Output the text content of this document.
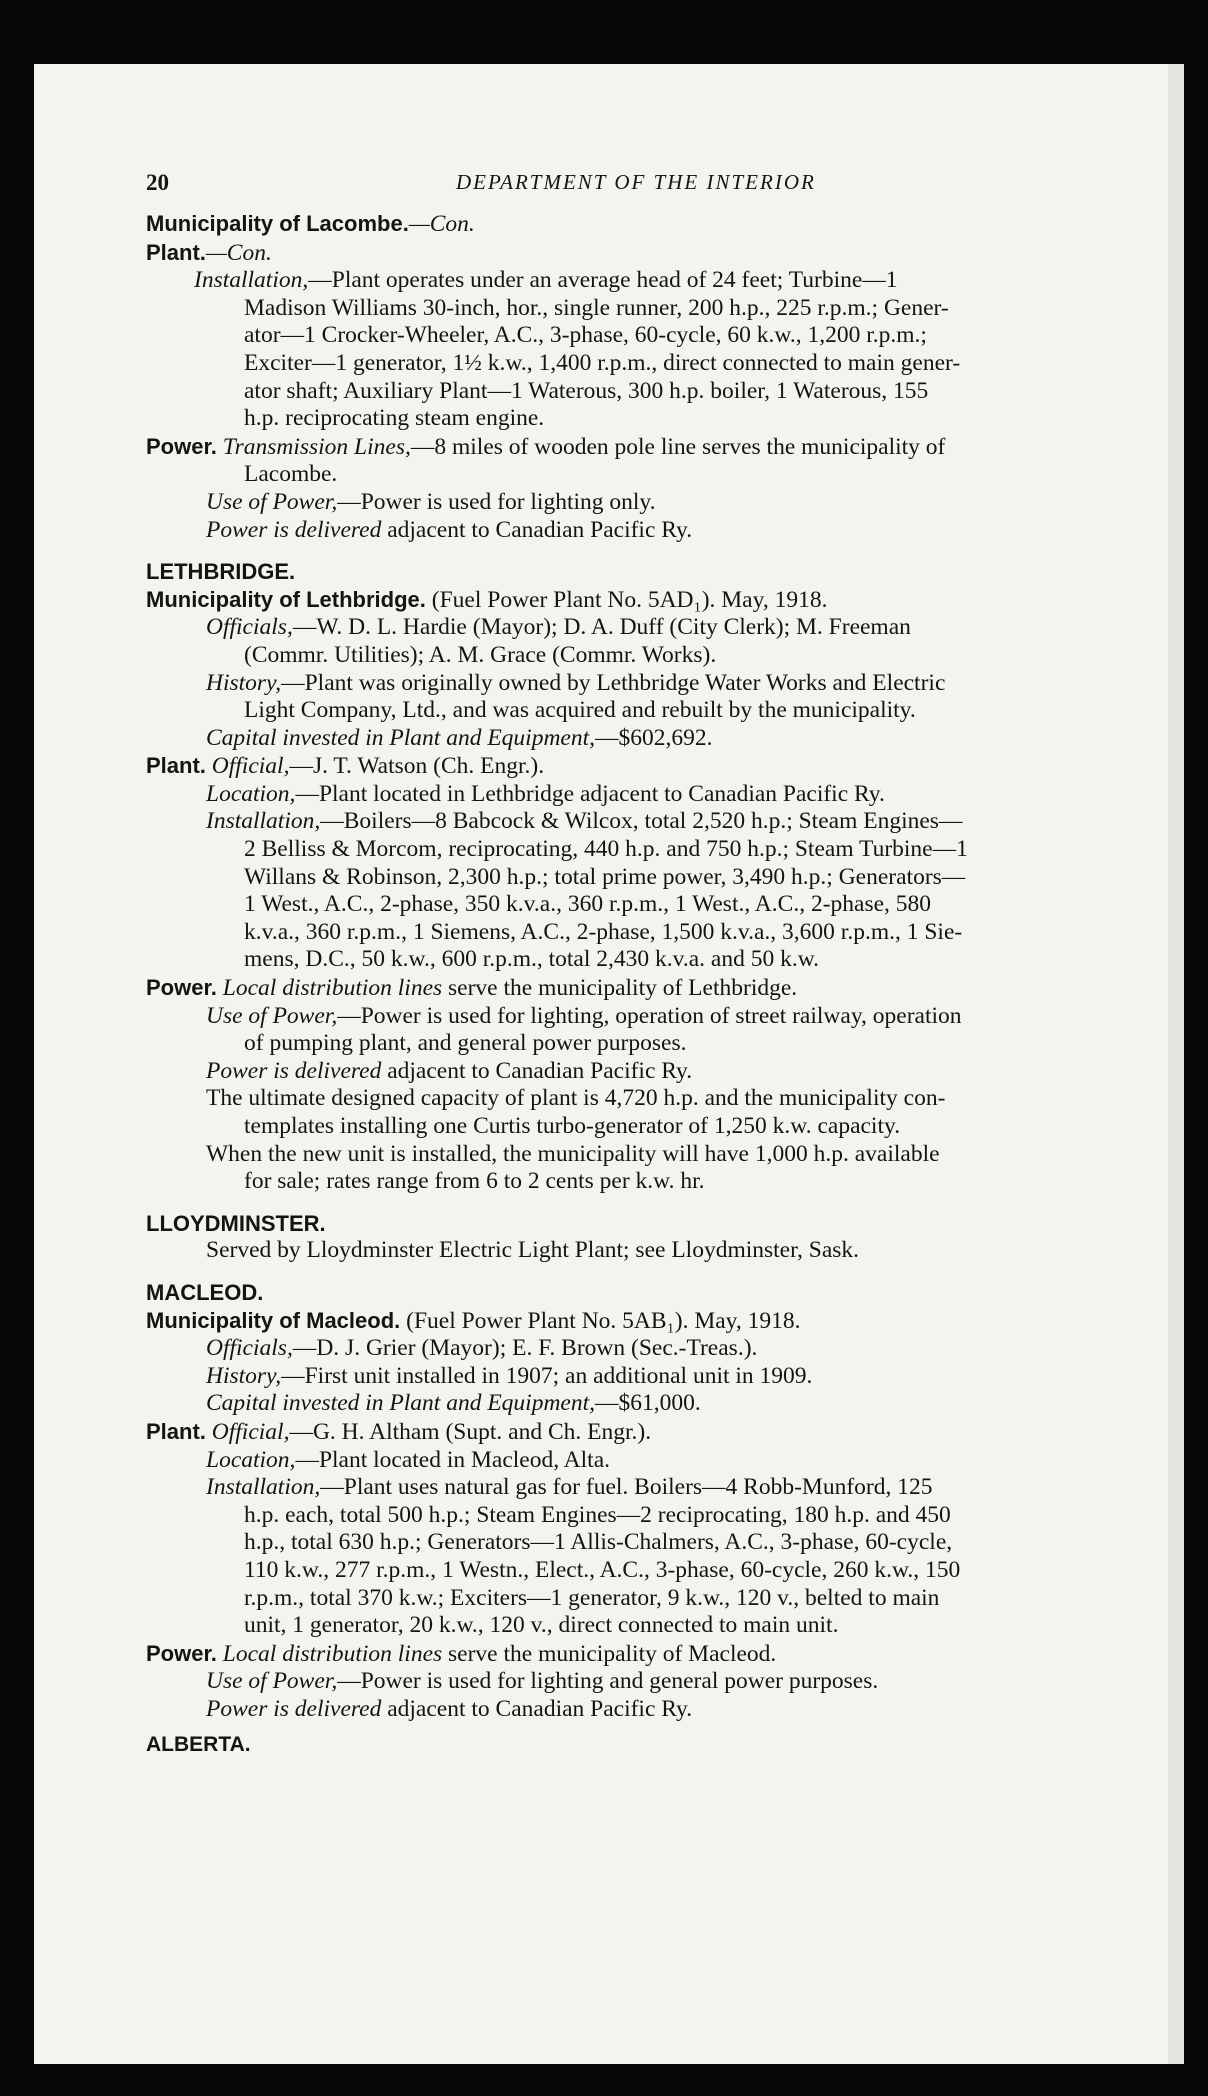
20	DEPARTMENT OF THE INTERIOR

Municipality of Lacombe.—Con.

Plant.—Con.

Installation,—Plant operates under an average head of 24 feet; Turbine—1

Madison Williams 30-inch, hor., single runner, 200 h.p., 225 r.p.m.; Gener-

ator—1 Crocker-Wheeler, A.C., 3-phase, 60-cycle, 60 k.w., 1,200 r.p.m.;

Exciter—1 generator, 1½ k.w., 1,400 r.p.m., direct connected to main gener-

ator shaft; Auxiliary Plant—1 Waterous, 300 h.p. boiler, 1 Waterous, 155

h.p. reciprocating steam engine.

Power. Transmission Lines,—8 miles of wooden pole line serves the municipality of

Lacombe.

Use of Power,—Power is used for lighting only.

Power is delivered adjacent to Canadian Pacific Ry.

LETHBRIDGE.

Municipality of Lethbridge. (Fuel Power Plant No. 5AD₁). May, 1918.

Officials,—W. D. L. Hardie (Mayor); D. A. Duff (City Clerk); M. Freeman

(Commr. Utilities); A. M. Grace (Commr. Works).

History,—Plant was originally owned by Lethbridge Water Works and Electric

Light Company, Ltd., and was acquired and rebuilt by the municipality.

Capital invested in Plant and Equipment,—$602,692.

Plant. Official,—J. T. Watson (Ch. Engr.).

Location,—Plant located in Lethbridge adjacent to Canadian Pacific Ry.

Installation,—Boilers—8 Babcock & Wilcox, total 2,520 h.p.; Steam Engines—

2 Belliss & Morcom, reciprocating, 440 h.p. and 750 h.p.; Steam Turbine—1

Willans & Robinson, 2,300 h.p.; total prime power, 3,490 h.p.; Generators—

1 West., A.C., 2-phase, 350 k.v.a., 360 r.p.m., 1 West., A.C., 2-phase, 580

k.v.a., 360 r.p.m., 1 Siemens, A.C., 2-phase, 1,500 k.v.a., 3,600 r.p.m., 1 Sie-

mens, D.C., 50 k.w., 600 r.p.m., total 2,430 k.v.a. and 50 k.w.

Power. Local distribution lines serve the municipality of Lethbridge.

Use of Power,—Power is used for lighting, operation of street railway, operation

of pumping plant, and general power purposes.

Power is delivered adjacent to Canadian Pacific Ry.

The ultimate designed capacity of plant is 4,720 h.p. and the municipality con-

templates installing one Curtis turbo-generator of 1,250 k.w. capacity.

When the new unit is installed, the municipality will have 1,000 h.p. available

for sale; rates range from 6 to 2 cents per k.w. hr.

LLOYDMINSTER.

Served by Lloydminster Electric Light Plant; see Lloydminster, Sask.

MACLEOD.

Municipality of Macleod. (Fuel Power Plant No. 5AB₁). May, 1918.

Officials,—D. J. Grier (Mayor); E. F. Brown (Sec.-Treas.).

History,—First unit installed in 1907; an additional unit in 1909.

Capital invested in Plant and Equipment,—$61,000.

Plant. Official,—G. H. Altham (Supt. and Ch. Engr.).

Location,—Plant located in Macleod, Alta.

Installation,—Plant uses natural gas for fuel. Boilers—4 Robb-Munford, 125

h.p. each, total 500 h.p.; Steam Engines—2 reciprocating, 180 h.p. and 450

h.p., total 630 h.p.; Generators—1 Allis-Chalmers, A.C., 3-phase, 60-cycle,

110 k.w., 277 r.p.m., 1 Westn., Elect., A.C., 3-phase, 60-cycle, 260 k.w., 150

r.p.m., total 370 k.w.; Exciters—1 generator, 9 k.w., 120 v., belted to main

unit, 1 generator, 20 k.w., 120 v., direct connected to main unit.

Power. Local distribution lines serve the municipality of Macleod.

Use of Power,—Power is used for lighting and general power purposes.

Power is delivered adjacent to Canadian Pacific Ry.

ALBERTA.
